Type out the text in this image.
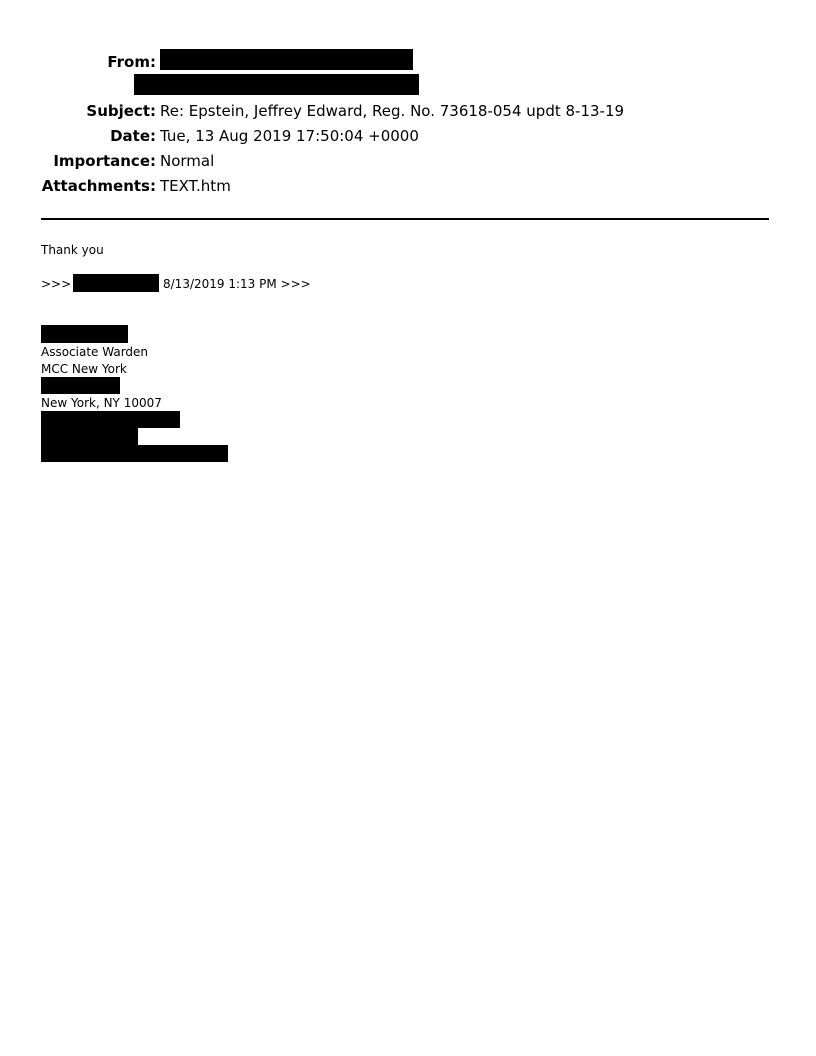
From:
Subject: Re: Epstein, Jeffrey Edward, Reg. No. 73618-054 updt 8-13-19
Date: Tue, 13 Aug 2019 17:50:04 +0000
Importance: Normal
Attachments: TEXT.htm
Thank you
>>>	8/13/2019 1:13 PM >>>
Associate Warden
MCC New York
New York, NY 10007
